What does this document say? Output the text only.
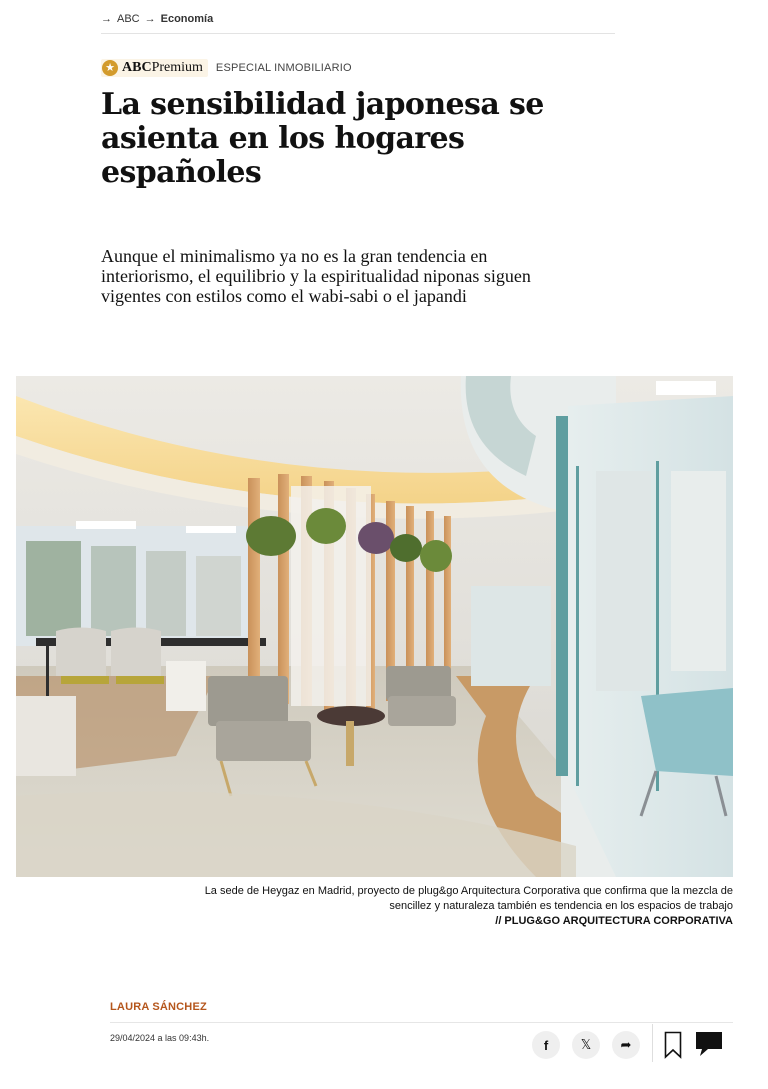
→ ABC → Economía
★ ABCPremium ESPECIAL INMOBILIARIO
La sensibilidad japonesa se asienta en los hogares españoles

Aunque el minimalismo ya no es la gran tendencia en interiorismo, el equilibrio y la espiritualidad niponas siguen vigentes con estilos como el wabi-sabi o el japandi

La sede de Heygaz en Madrid, proyecto de plug&go Arquitectura Corporativa que confirma que la mezcla de
sencillez y naturaleza también es tendencia en los espacios de trabajo
// PLUG&GO ARQUITECTURA CORPORATIVA
LAURA SÁNCHEZ
29/04/2024 a las 09:43h.	f	𝕏 ➦
